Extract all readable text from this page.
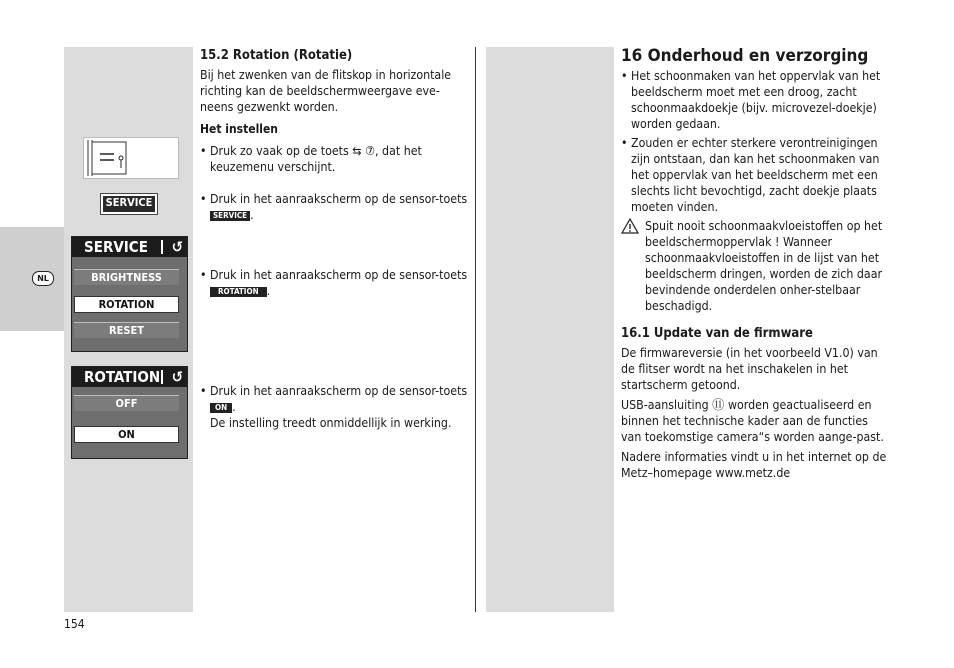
NL
SERVICE
SERVICE ↺
BRIGHTNESS
ROTATION
RESET
ROTATION ↺
OFF
ON

15.2 Rotation (Rotatie)

Bij het zwenken van de flitskop in horizontale richting kan de beeldschermweergave eve-neens gezwenkt worden.

Het instellen

• Druk zo vaak op de toets ⇆ ⑦, dat het keuzemenu verschijnt.

• Druk in het aanraakscherm op de sensor-toets SERVICE .

• Druk in het aanraakscherm op de sensor-toets ROTATION .

• Druk in het aanraakscherm op de sensor-toets ON .

De instelling treedt onmiddellijk in werking.

16 Onderhoud en verzorging

• Het schoonmaken van het oppervlak van het beeldscherm moet met een droog, zacht schoonmaakdoekje (bijv. microvezel-doekje) worden gedaan.

• Zouden er echter sterkere verontreinigingen zijn ontstaan, dan kan het schoonmaken van het oppervlak van het beeldscherm met een slechts licht bevochtigd, zacht doekje plaats moeten vinden.

Spuit nooit schoonmaakvloeistoffen op het beeldschermoppervlak ! Wanneer schoonmaakvloeistoffen in de lijst van het beeldscherm dringen, worden de zich daar bevindende onderdelen onher-stelbaar beschadigd.

16.1 Update van de firmware

De firmwareversie (in het voorbeeld V1.0) van de flitser wordt na het inschakelen in het startscherm getoond.

USB-aansluiting ⑪ worden geactualiseerd en binnen het technische kader aan de functies van toekomstige camera“s worden aange-past.

Nadere informaties vindt u in het internet op de Metz–homepage www.metz.de

154
